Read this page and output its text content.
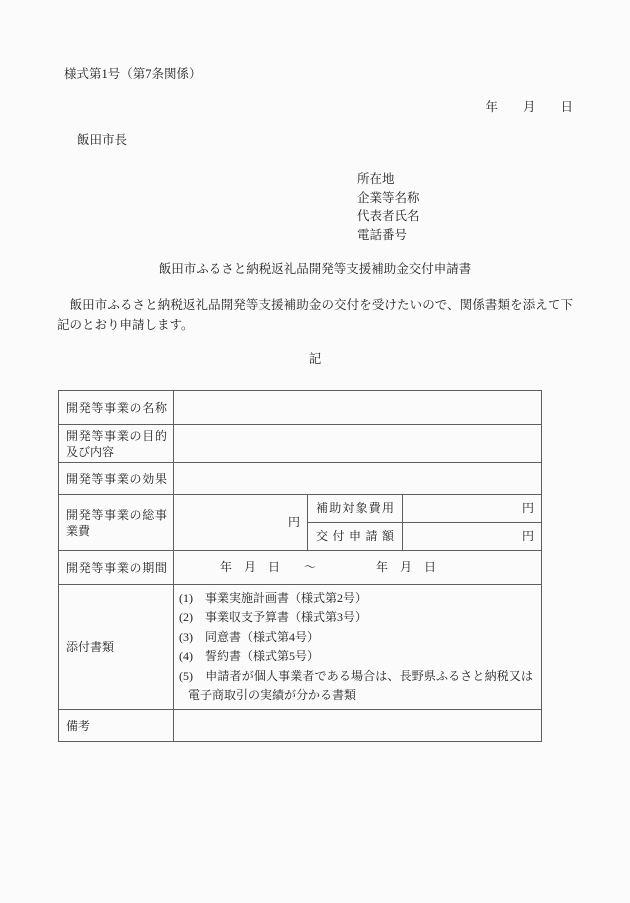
様式第1号（第7条関係）
年　　月　　日
飯田市長
所在地
企業等名称
代表者氏名
電話番号
飯田市ふるさと納税返礼品開発等支援補助金交付申請書
　飯田市ふるさと納税返礼品開発等支援補助金の交付を受けたいので、関係書類を添えて下記のとおり申請します。
記
開発等事業の名称			
開発等事業の目的及び内容			
開発等事業の効果			
開発等事業の総事業費	円	補助対象費用	円
		交付申請額	円
開発等事業の期間	年　月　日　　～　　　　　年　月　日		
添付書類	(1)　事業実施計画書（様式第2号）
(2)　事業収支予算書（様式第3号）
(3)　同意書（様式第4号）
(4)　誓約書（様式第5号）
(5)　申請者が個人事業者である場合は、長野県ふるさと納税又は電子商取引の実績が分かる書類		

備考			
